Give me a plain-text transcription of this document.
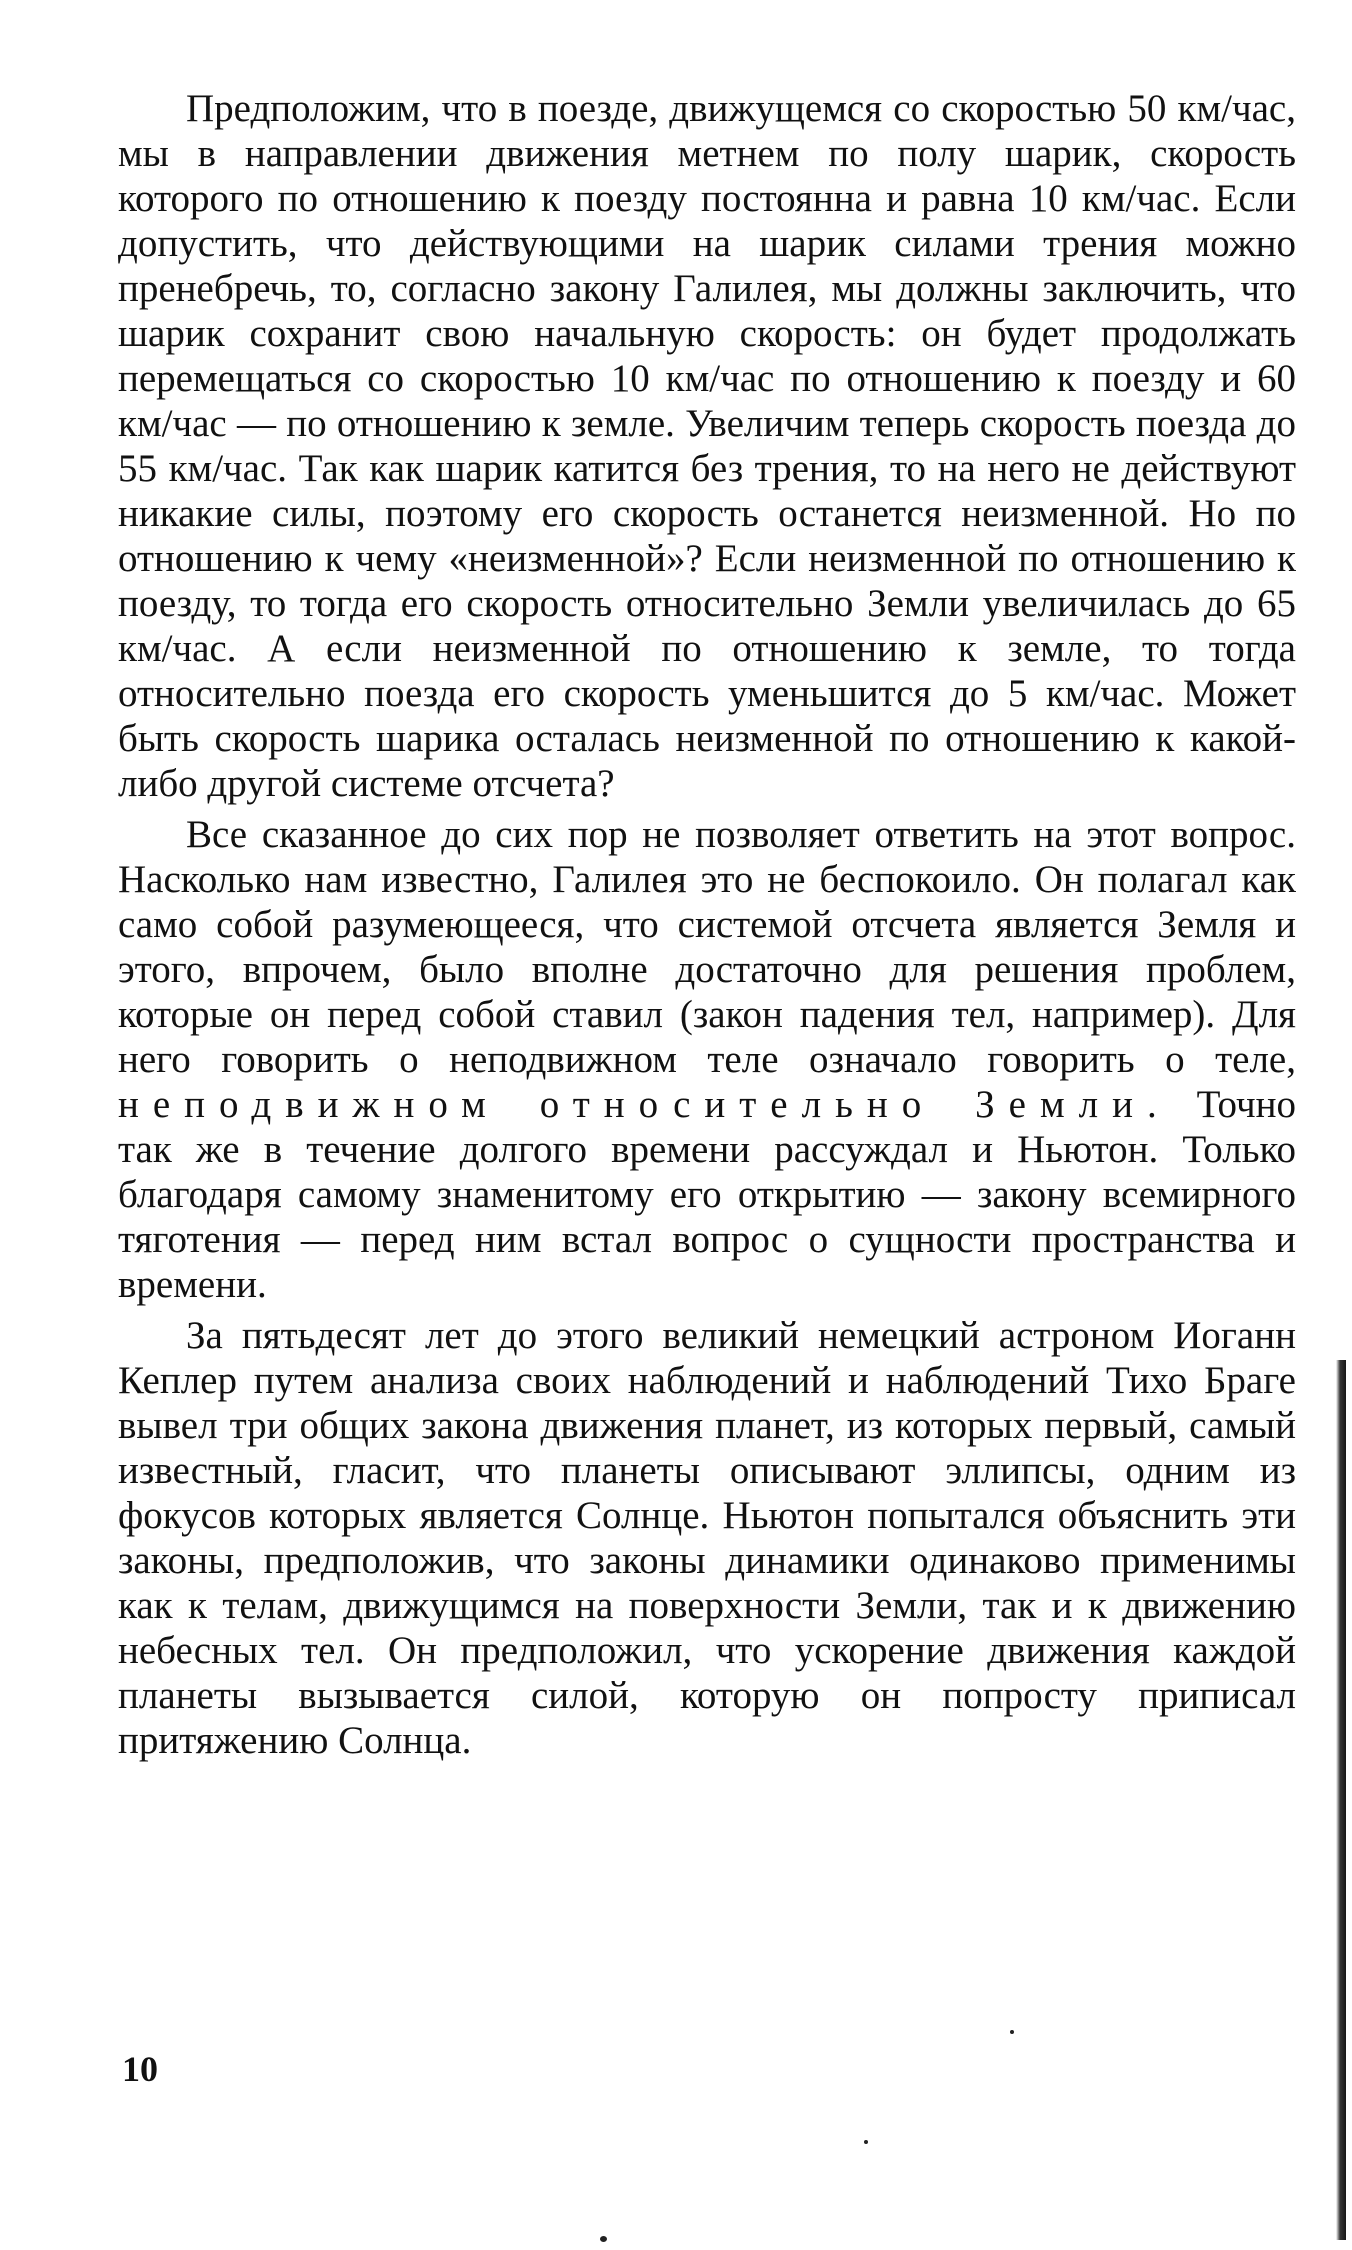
Предположим, что в поезде, движущемся со скоростью 50 км/час, мы в направлении движения метнем по полу шарик, скорость которого по отношению к поезду постоянна и равна 10 км/час. Если допустить, что действующими на шарик силами трения можно пренебречь, то, согласно закону Галилея, мы должны заключить, что шарик сохранит свою начальную скорость: он будет продолжать перемещаться со скоростью 10 км/час по отношению к поезду и 60 км/час — по отношению к земле. Увеличим теперь скорость поезда до 55 км/час. Так как шарик катится без трения, то на него не действуют никакие силы, поэтому его скорость останется неизменной. Но по отношению к чему «неизменной»? Если неизменной по отношению к поезду, то тогда его скорость относительно Земли увеличилась до 65 км/час. А если неизменной по отношению к земле, то тогда относительно поезда его скорость уменьшится до 5 км/час. Может быть скорость шарика осталась неизменной по отношению к какой-либо другой системе отсчета?

Все сказанное до сих пор не позволяет ответить на этот вопрос. Насколько нам известно, Галилея это не беспокоило. Он полагал как само собой разумеющееся, что системой отсчета является Земля и этого, впрочем, было вполне достаточно для решения проблем, которые он перед собой ставил (закон падения тел, например). Для него говорить о неподвижном теле означало говорить о теле, неподвижном относительно Земли. Точно так же в течение долгого времени рассуждал и Ньютон. Только благодаря самому знаменитому его открытию — закону всемирного тяготения — перед ним встал вопрос о сущности пространства и времени.

За пятьдесят лет до этого великий немецкий астроном Иоганн Кеплер путем анализа своих наблюдений и наблюдений Тихо Браге вывел три общих закона движения планет, из которых первый, самый известный, гласит, что планеты описывают эллипсы, одним из фокусов которых является Солнце. Ньютон попытался объяснить эти законы, предположив, что законы динамики одинаково применимы как к телам, движущимся на поверхности Земли, так и к движению небесных тел. Он предположил, что ускорение движения каждой планеты вызывается силой, которую он попросту приписал притяжению Солнца.

10
